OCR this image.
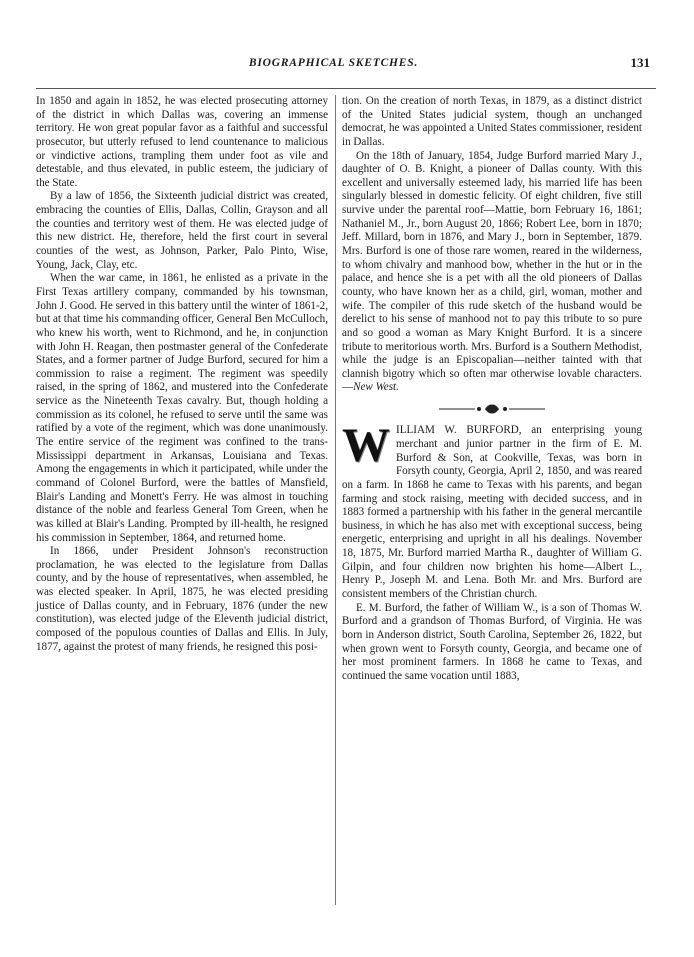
BIOGRAPHICAL SKETCHES.	131

In 1850 and again in 1852, he was elected prosecuting attorney of the district in which Dallas was, covering an immense territory. He won great popular favor as a faithful and successful prosecutor, but utterly refused to lend countenance to malicious or vindictive actions, trampling them under foot as vile and detestable, and thus elevated, in public esteem, the judiciary of the State.

By a law of 1856, the Sixteenth judicial district was created, embracing the counties of Ellis, Dallas, Collin, Grayson and all the counties and territory west of them. He was elected judge of this new district. He, therefore, held the first court in several counties of the west, as Johnson, Parker, Palo Pinto, Wise, Young, Jack, Clay, etc.

When the war came, in 1861, he enlisted as a private in the First Texas artillery company, commanded by his townsman, John J. Good. He served in this battery until the winter of 1861-2, but at that time his commanding officer, General Ben McCulloch, who knew his worth, went to Richmond, and he, in conjunction with John H. Reagan, then postmaster general of the Confederate States, and a former partner of Judge Burford, secured for him a commission to raise a regiment. The regiment was speedily raised, in the spring of 1862, and mustered into the Confederate service as the Nineteenth Texas cavalry. But, though holding a commission as its colonel, he refused to serve until the same was ratified by a vote of the regiment, which was done unanimously. The entire service of the regiment was confined to the trans-Mississippi department in Arkansas, Louisiana and Texas. Among the engagements in which it participated, while under the command of Colonel Burford, were the battles of Mansfield, Blair's Landing and Monett's Ferry. He was almost in touching distance of the noble and fearless General Tom Green, when he was killed at Blair's Landing. Prompted by ill-health, he resigned his commission in September, 1864, and returned home.

In 1866, under President Johnson's reconstruction proclamation, he was elected to the legislature from Dallas county, and by the house of representatives, when assembled, he was elected speaker. In April, 1875, he was elected presiding justice of Dallas county, and in February, 1876 (under the new constitution), was elected judge of the Eleventh judicial district, composed of the populous counties of Dallas and Ellis. In July, 1877, against the protest of many friends, he resigned this posi-

tion. On the creation of north Texas, in 1879, as a distinct district of the United States judicial system, though an unchanged democrat, he was appointed a United States commissioner, resident in Dallas.

On the 18th of January, 1854, Judge Burford married Mary J., daughter of O. B. Knight, a pioneer of Dallas county. With this excellent and universally esteemed lady, his married life has been singularly blessed in domestic felicity. Of eight children, five still survive under the parental roof—Mattie, born February 16, 1861; Nathaniel M., Jr., born August 20, 1866; Robert Lee, born in 1870; Jeff. Millard, born in 1876, and Mary J., born in September, 1879. Mrs. Burford is one of those rare women, reared in the wilderness, to whom chivalry and manhood bow, whether in the hut or in the palace, and hence she is a pet with all the old pioneers of Dallas county, who have known her as a child, girl, woman, mother and wife. The compiler of this rude sketch of the husband would be derelict to his sense of manhood not to pay this tribute to so pure and so good a woman as Mary Knight Burford. It is a sincere tribute to meritorious worth. Mrs. Burford is a Southern Methodist, while the judge is an Episcopalian—neither tainted with that clannish bigotry which so often mar otherwise lovable characters.—New West.

WILLIAM W. BURFORD, an enterprising young merchant and junior partner in the firm of E. M. Burford & Son, at Cookville, Texas, was born in Forsyth county, Georgia, April 2, 1850, and was reared on a farm. In 1868 he came to Texas with his parents, and began farming and stock raising, meeting with decided success, and in 1883 formed a partnership with his father in the general mercantile business, in which he has also met with exceptional success, being energetic, enterprising and upright in all his dealings. November 18, 1875, Mr. Burford married Martha R., daughter of William G. Gilpin, and four children now brighten his home—Albert L., Henry P., Joseph M. and Lena. Both Mr. and Mrs. Burford are consistent members of the Christian church.

E. M. Burford, the father of William W., is a son of Thomas W. Burford and a grandson of Thomas Burford, of Virginia. He was born in Anderson district, South Carolina, September 26, 1822, but when grown went to Forsyth county, Georgia, and became one of her most prominent farmers. In 1868 he came to Texas, and continued the same vocation until 1883,
